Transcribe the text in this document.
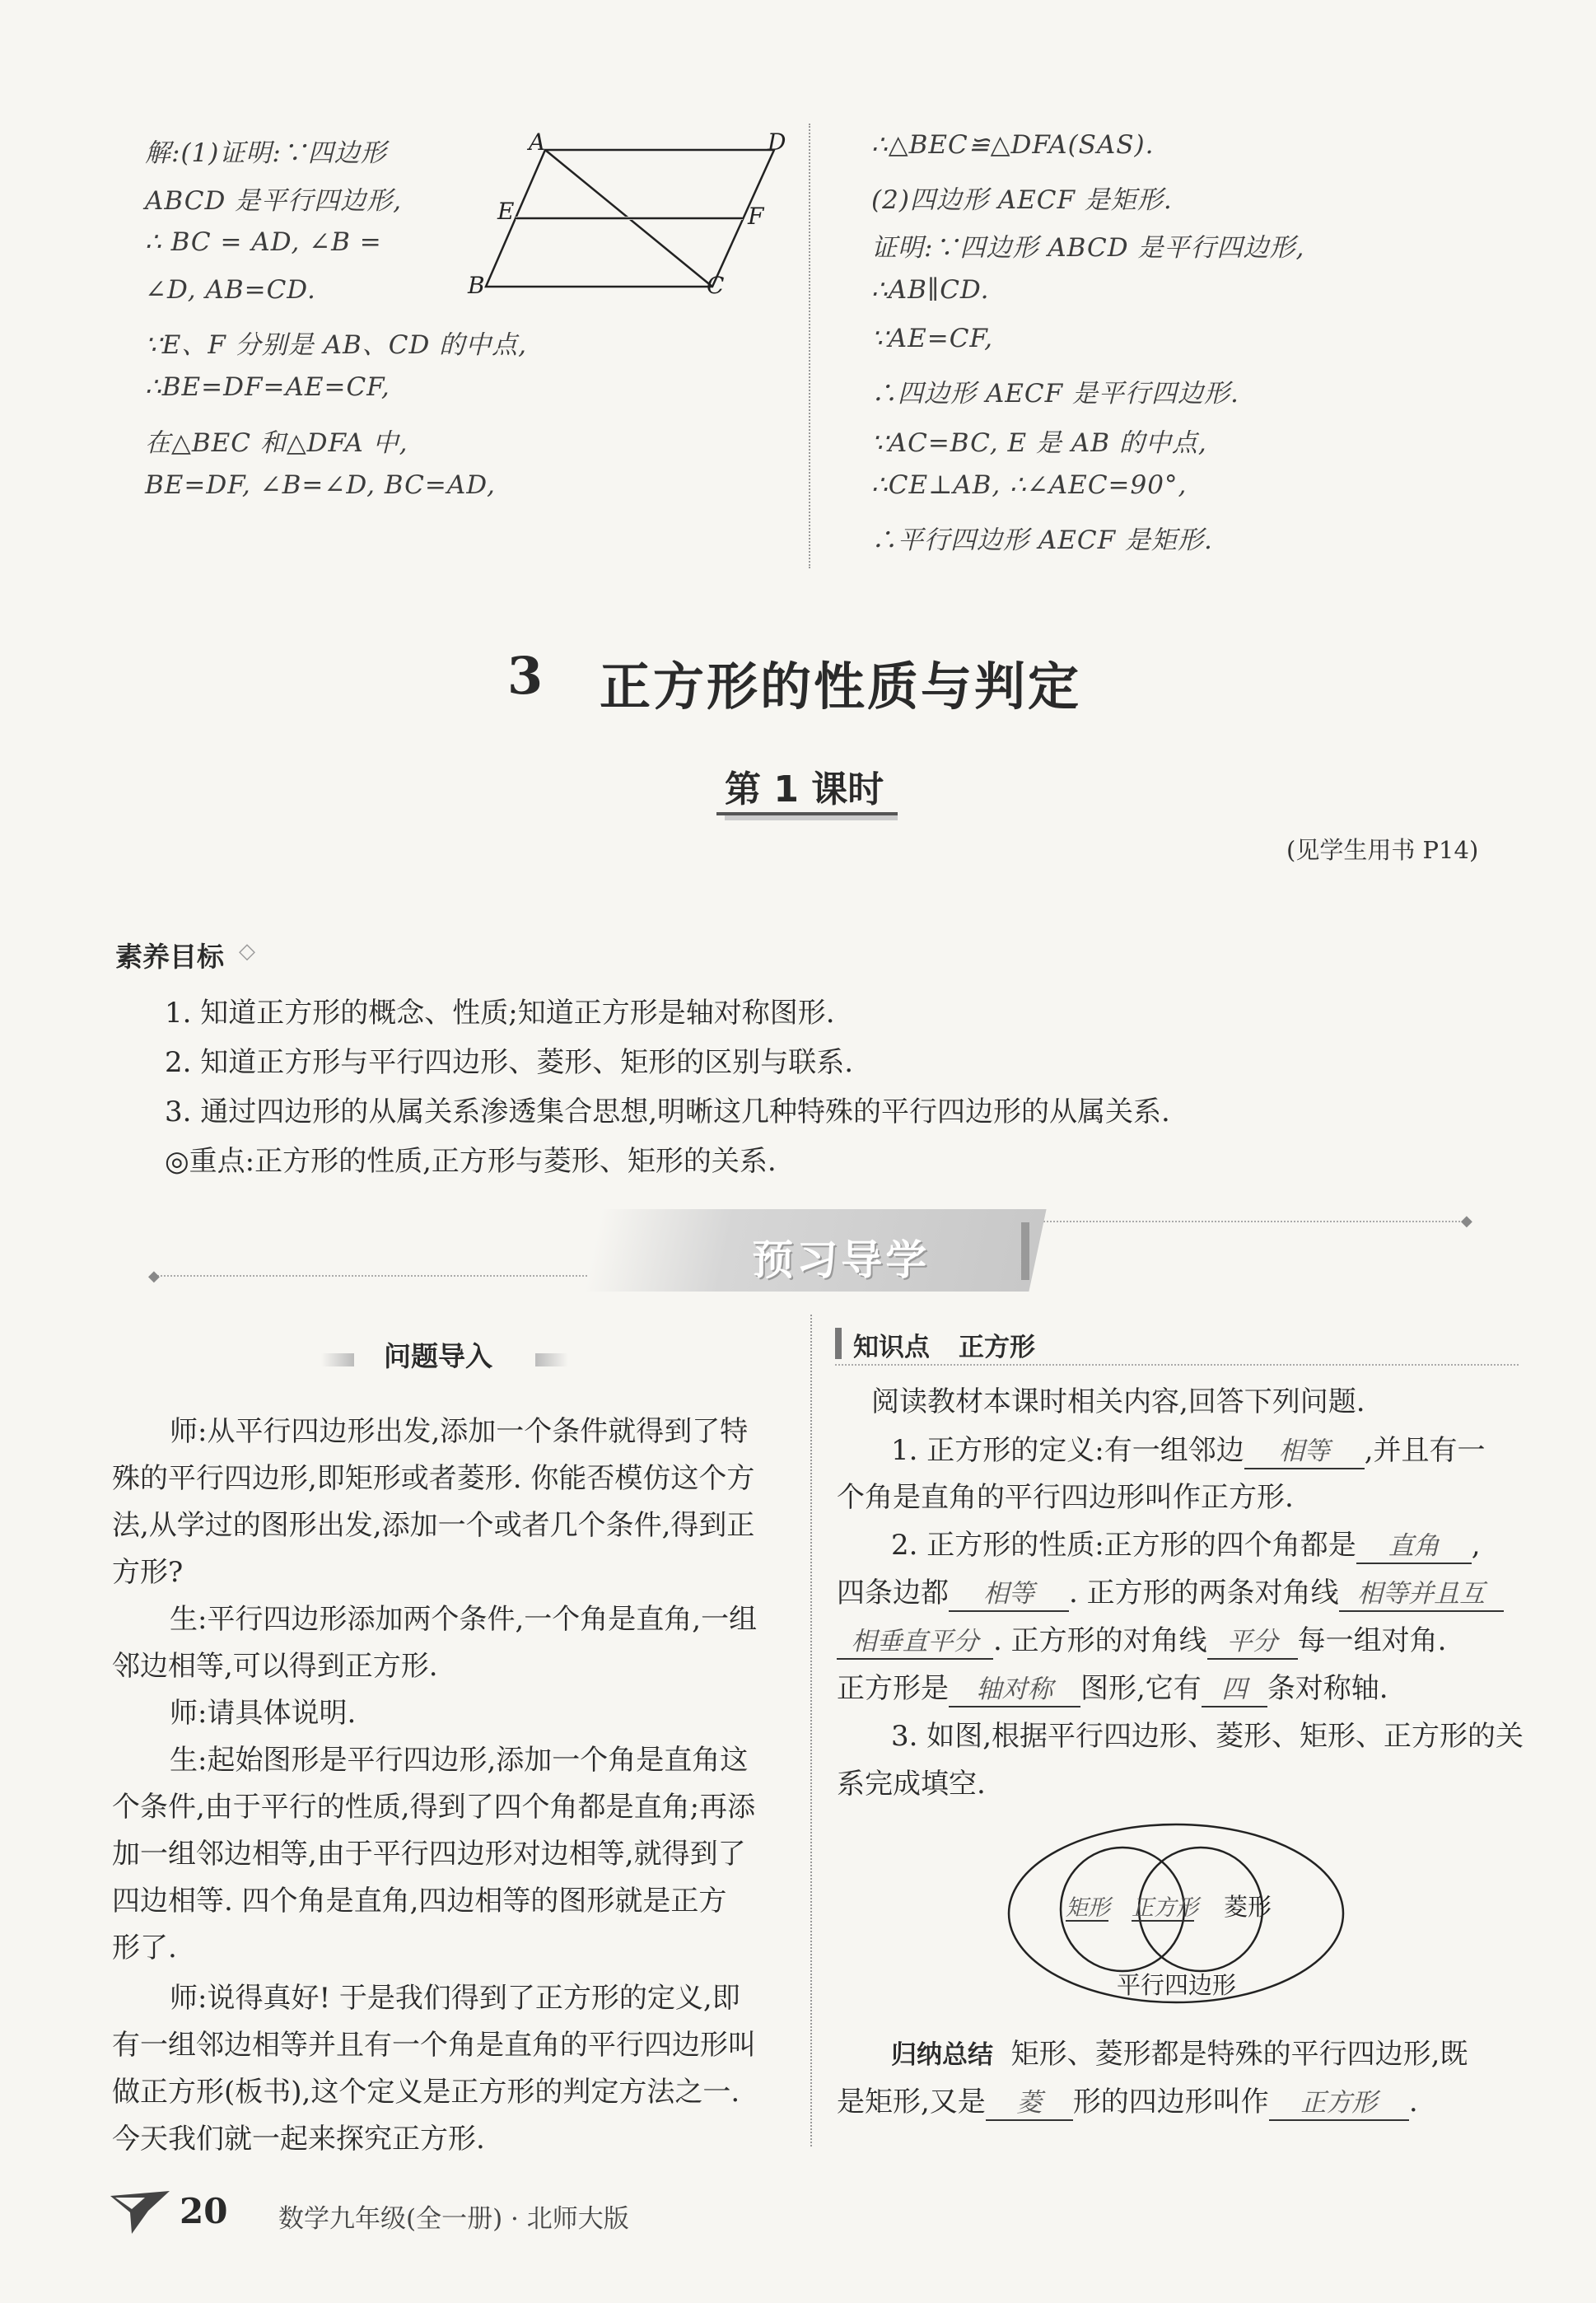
解:(1)证明:∵四边形
ABCD 是平行四边形,
∴ BC = AD, ∠B =
∠D, AB=CD.
∵E、F 分别是 AB、CD 的中点,
∴BE=DF=AE=CF,
在△BEC 和△DFA 中,
BE=DF, ∠B=∠D, BC=AD,
A	D
E	F
B	C
∴△BEC≌△DFA(SAS).
(2)四边形 AECF 是矩形.
证明:∵四边形 ABCD 是平行四边形,
∴AB∥CD.
∵AE=CF,
∴四边形 AECF 是平行四边形.
∵AC=BC, E 是 AB 的中点,
∴CE⊥AB, ∴∠AEC=90°,
∴平行四边形 AECF 是矩形.
3 正方形的性质与判定
第 1 课时
(见学生用书 P14)
素养目标 ◇
1. 知道正方形的概念、性质;知道正方形是轴对称图形.
2. 知道正方形与平行四边形、菱形、矩形的区别与联系.
3. 通过四边形的从属关系渗透集合思想,明晰这几种特殊的平行四边形的从属关系.
◎重点:正方形的性质,正方形与菱形、矩形的关系.
◆
◆
预习导学
问题导入
师:从平行四边形出发,添加一个条件就得到了特
殊的平行四边形,即矩形或者菱形. 你能否模仿这个方
法,从学过的图形出发,添加一个或者几个条件,得到正
方形?
生:平行四边形添加两个条件,一个角是直角,一组
邻边相等,可以得到正方形.
师:请具体说明.
生:起始图形是平行四边形,添加一个角是直角这
个条件,由于平行的性质,得到了四个角都是直角;再添
加一组邻边相等,由于平行四边形对边相等,就得到了
四边相等. 四个角是直角,四边相等的图形就是正方
形了.
师:说得真好! 于是我们得到了正方形的定义,即
有一组邻边相等并且有一个角是直角的平行四边形叫
做正方形(板书),这个定义是正方形的判定方法之一.
今天我们就一起来探究正方形.
知识点 正方形
阅读教材本课时相关内容,回答下列问题.
1. 正方形的定义:有一组邻边 相等 ,并且有一
个角是直角的平行四边形叫作正方形.
2. 正方形的性质:正方形的四个角都是 直角 ,
四条边都 相等 . 正方形的两条对角线 相等并且互
相垂直平分 . 正方形的对角线 平分 每一组对角.
正方形是 轴对称 图形,它有 四 条对称轴.
3. 如图,根据平行四边形、菱形、矩形、正方形的关
系完成填空.
矩形 正方形 菱形
平行四边形
归纳总结 矩形、菱形都是特殊的平行四边形,既
是矩形,又是 菱 形的四边形叫作 正方形 .
20 数学九年级(全一册) · 北师大版
